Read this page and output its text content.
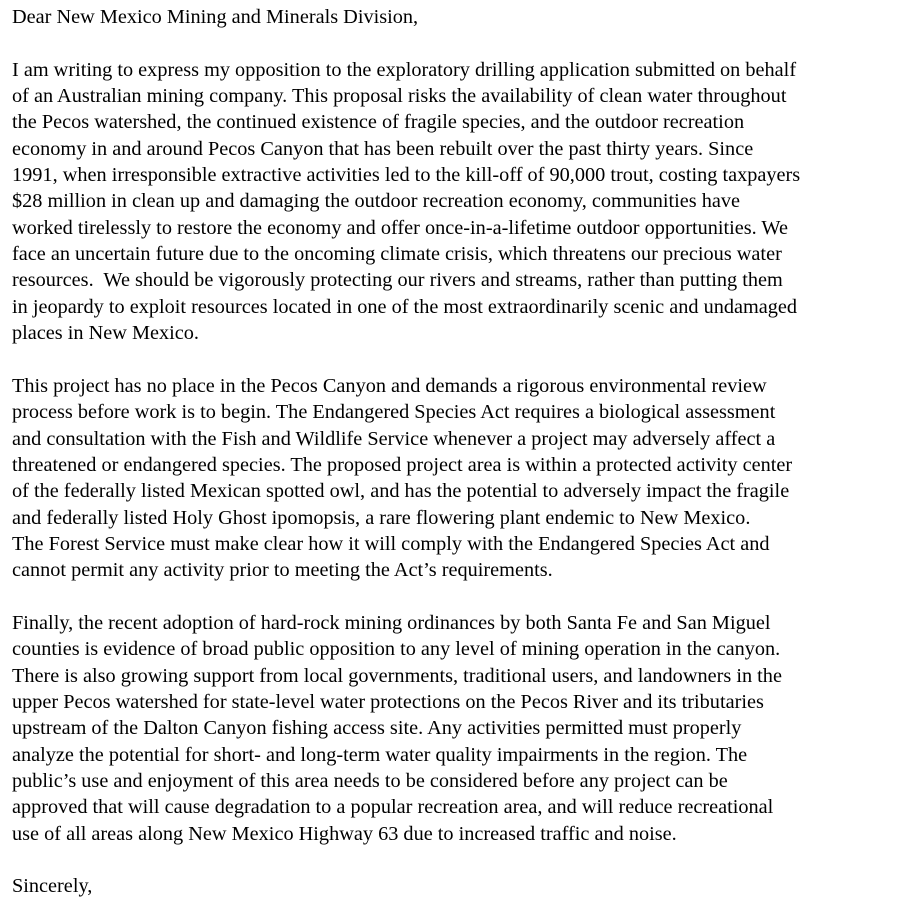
Dear New Mexico Mining and Minerals Division,
I am writing to express my opposition to the exploratory drilling application submitted on behalf
of an Australian mining company. This proposal risks the availability of clean water throughout
the Pecos watershed, the continued existence of fragile species, and the outdoor recreation
economy in and around Pecos Canyon that has been rebuilt over the past thirty years. Since
1991, when irresponsible extractive activities led to the kill-off of 90,000 trout, costing taxpayers
$28 million in clean up and damaging the outdoor recreation economy, communities have
worked tirelessly to restore the economy and offer once-in-a-lifetime outdoor opportunities. We
face an uncertain future due to the oncoming climate crisis, which threatens our precious water
resources.  We should be vigorously protecting our rivers and streams, rather than putting them
in jeopardy to exploit resources located in one of the most extraordinarily scenic and undamaged
places in New Mexico.
This project has no place in the Pecos Canyon and demands a rigorous environmental review
process before work is to begin. The Endangered Species Act requires a biological assessment
and consultation with the Fish and Wildlife Service whenever a project may adversely affect a
threatened or endangered species. The proposed project area is within a protected activity center
of the federally listed Mexican spotted owl, and has the potential to adversely impact the fragile
and federally listed Holy Ghost ipomopsis, a rare flowering plant endemic to New Mexico.
The Forest Service must make clear how it will comply with the Endangered Species Act and
cannot permit any activity prior to meeting the Act’s requirements.
Finally, the recent adoption of hard-rock mining ordinances by both Santa Fe and San Miguel
counties is evidence of broad public opposition to any level of mining operation in the canyon.
There is also growing support from local governments, traditional users, and landowners in the
upper Pecos watershed for state-level water protections on the Pecos River and its tributaries
upstream of the Dalton Canyon fishing access site. Any activities permitted must properly
analyze the potential for short- and long-term water quality impairments in the region. The
public’s use and enjoyment of this area needs to be considered before any project can be
approved that will cause degradation to a popular recreation area, and will reduce recreational
use of all areas along New Mexico Highway 63 due to increased traffic and noise.
Sincerely,
